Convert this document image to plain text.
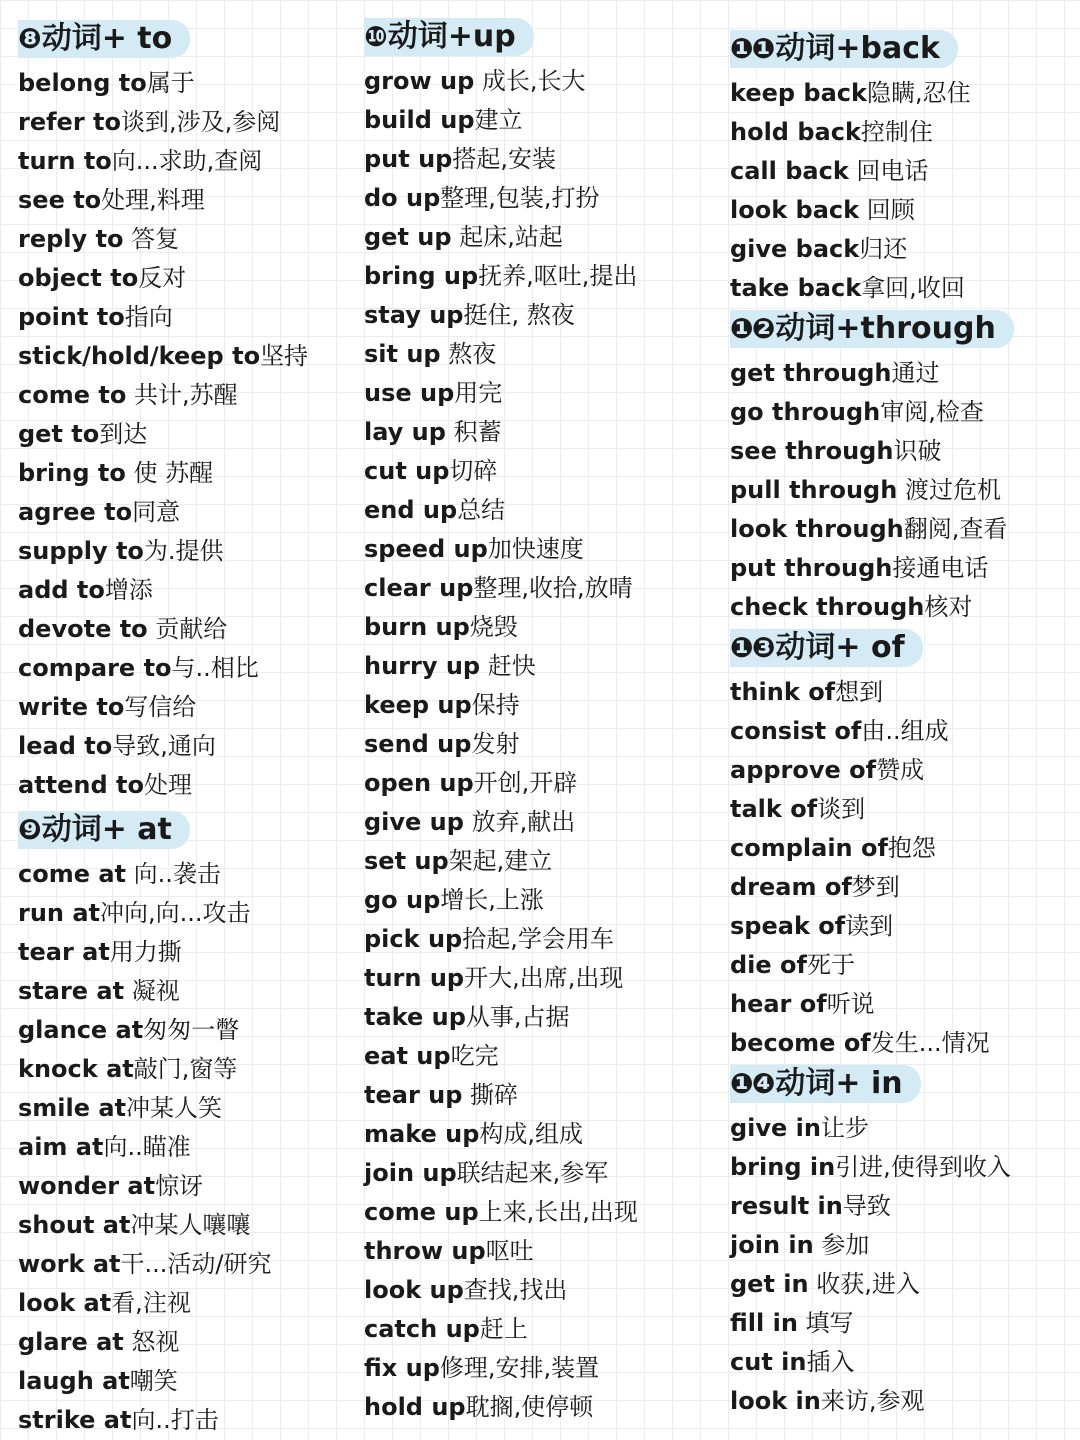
❽动词+ to
belong to属于
refer to谈到,涉及,参阅
turn to向...求助,查阅
see to处理,料理
reply to 答复
object to反对
point to指向
stick/hold/keep to坚持
come to 共计,苏醒
get to到达
bring to 使 苏醒
agree to同意
supply to为.提供
add to增添
devote to 贡献给
compare to与..相比
write to写信给
lead to导致,通向
attend to处理
❾动词+ at
come at 向..袭击
run at冲向,向...攻击
tear at用力撕
stare at 凝视
glance at匆匆一瞥
knock at敲门,窗等
smile at冲某人笑
aim at向..瞄准
wonder at惊讶
shout at冲某人嚷嚷
work at干...活动/研究
look at看,注视
glare at 怒视
laugh at嘲笑
strike at向..打击
❿动词+up
grow up 成长,长大
build up建立
put up搭起,安装
do up整理,包装,打扮
get up 起床,站起
bring up抚养,呕吐,提出
stay up挺住, 熬夜
sit up 熬夜
use up用完
lay up 积蓄
cut up切碎
end up总结
speed up加快速度
clear up整理,收拾,放晴
burn up烧毁
hurry up 赶快
keep up保持
send up发射
open up开创,开辟
give up 放弃,献出
set up架起,建立
go up增长,上涨
pick up拾起,学会用车
turn up开大,出席,出现
take up从事,占据
eat up吃完
tear up 撕碎
make up构成,组成
join up联结起来,参军
come up上来,长出,出现
throw up呕吐
look up查找,找出
catch up赶上
fix up修理,安排,装置
hold up耽搁,使停顿
❶❶动词+back
keep back隐瞒,忍住
hold back控制住
call back 回电话
look back 回顾
give back归还
take back拿回,收回
❶❷动词+through
get through通过
go through审阅,检查
see through识破
pull through 渡过危机
look through翻阅,查看
put through接通电话
check through核对
❶❸动词+ of
think of想到
consist of由..组成
approve of赞成
talk of谈到
complain of抱怨
dream of梦到
speak of读到
die of死于
hear of听说
become of发生...情况
❶❹动词+ in
give in让步
bring in引进,使得到收入
result in导致
join in 参加
get in 收获,进入
fill in 填写
cut in插入
look in来访,参观
